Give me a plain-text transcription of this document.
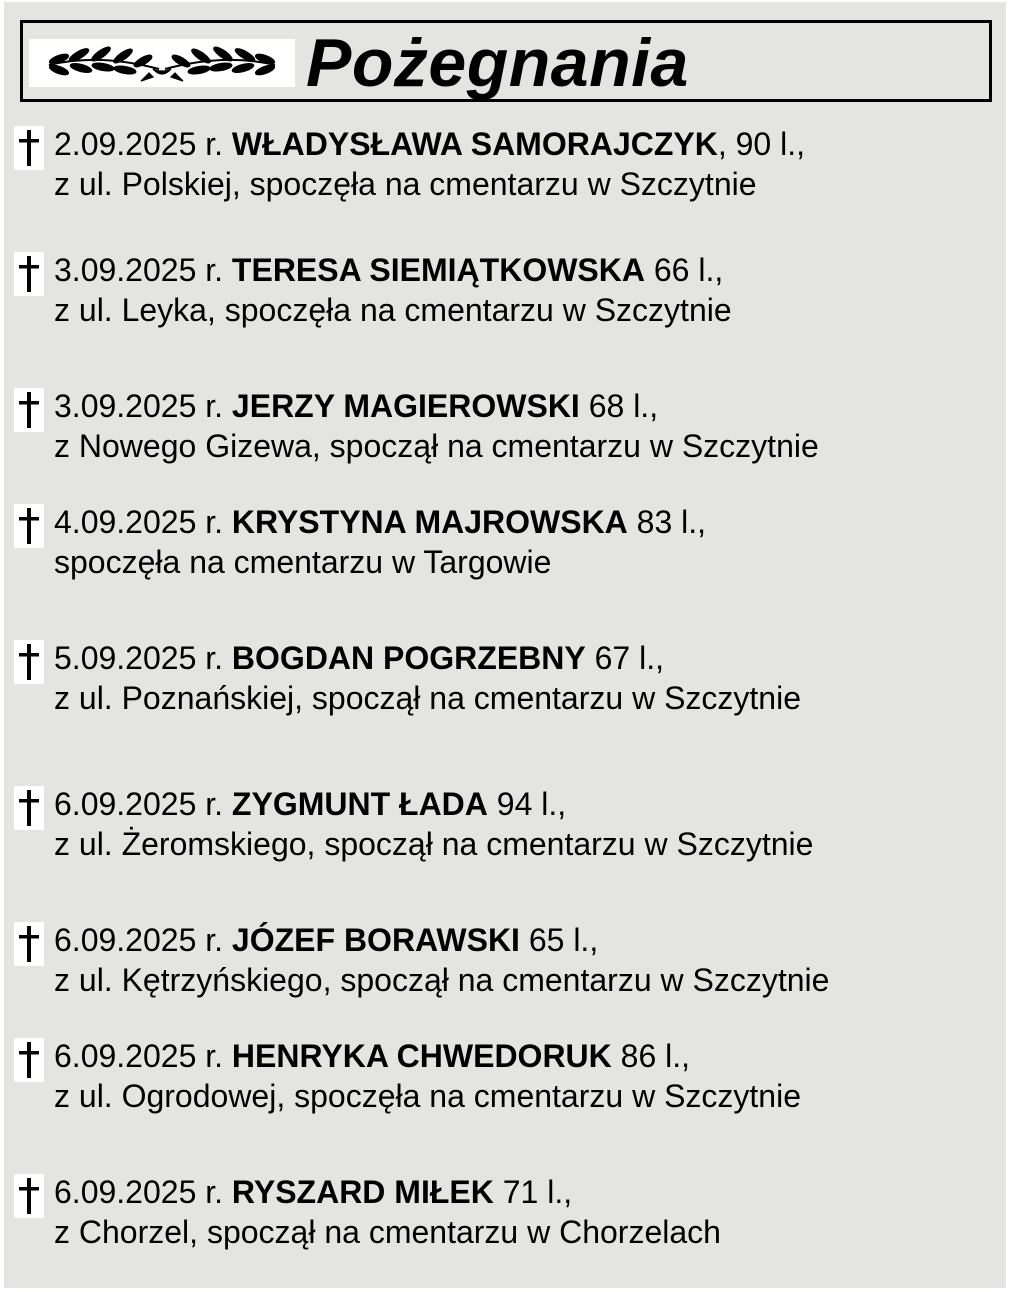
Pożegnania
2.09.2025 r. WŁADYSŁAWA SAMORAJCZYK, 90 l.,
z ul. Polskiej, spoczęła na cmentarzu w Szczytnie
3.09.2025 r. TERESA SIEMIĄTKOWSKA 66 l.,
z ul. Leyka, spoczęła na cmentarzu w Szczytnie
3.09.2025 r. JERZY MAGIEROWSKI 68 l.,
z Nowego Gizewa, spoczął na cmentarzu w Szczytnie
4.09.2025 r. KRYSTYNA MAJROWSKA 83 l.,
spoczęła na cmentarzu w Targowie
5.09.2025 r. BOGDAN POGRZEBNY 67 l.,
z ul. Poznańskiej, spoczął na cmentarzu w Szczytnie
6.09.2025 r. ZYGMUNT ŁADA 94 l.,
z ul. Żeromskiego, spoczął na cmentarzu w Szczytnie
6.09.2025 r. JÓZEF BORAWSKI 65 l.,
z ul. Kętrzyńskiego, spoczął na cmentarzu w Szczytnie
6.09.2025 r. HENRYKA CHWEDORUK 86 l.,
z ul. Ogrodowej, spoczęła na cmentarzu w Szczytnie
6.09.2025 r. RYSZARD MIŁEK 71 l.,
z Chorzel, spoczął na cmentarzu w Chorzelach
